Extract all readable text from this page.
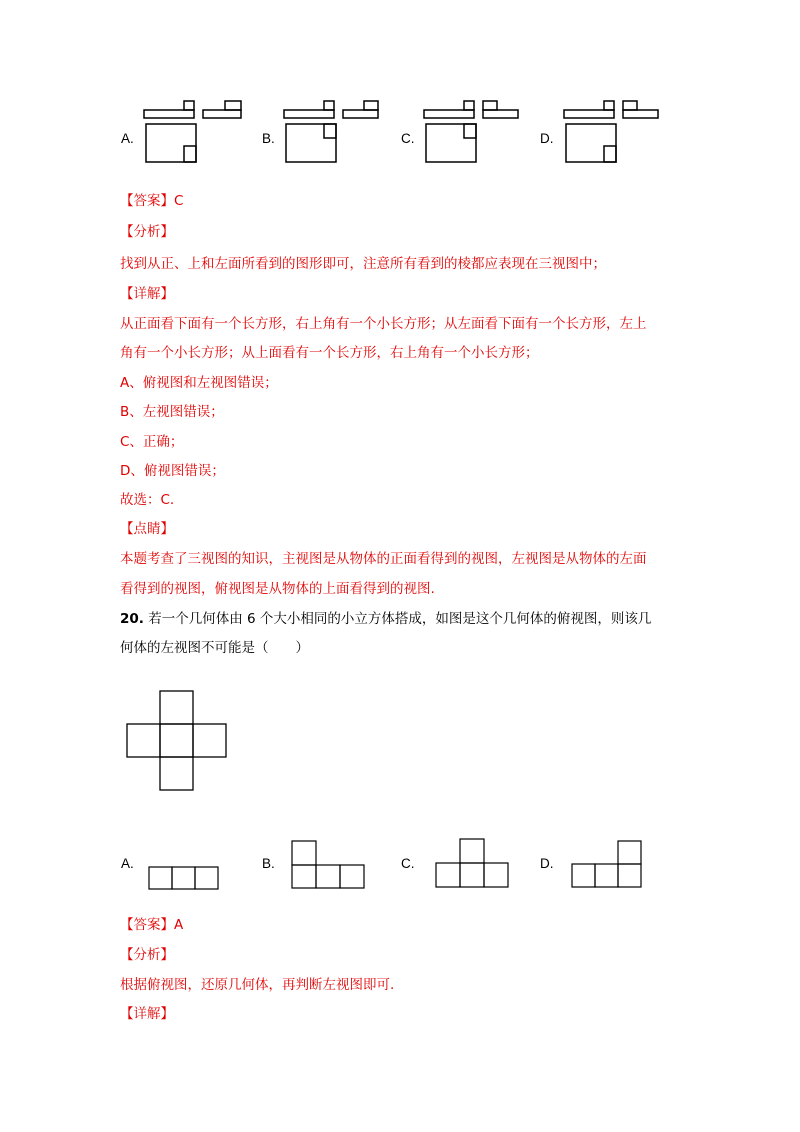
A.	B.	C.	D.
【答案】C
【分析】
找到从正、上和左面所看到的图形即可，注意所有看到的棱都应表现在三视图中；
【详解】
从正面看下面有一个长方形，右上角有一个小长方形；从左面看下面有一个长方形，左上
角有一个小长方形；从上面看有一个长方形，右上角有一个小长方形；
A、俯视图和左视图错误；
B、左视图错误；
C、正确；
D、俯视图错误；
故选：C.
【点睛】
本题考查了三视图的知识，主视图是从物体的正面看得到的视图，左视图是从物体的左面
看得到的视图，俯视图是从物体的上面看得到的视图.
20. 若一个几何体由 6 个大小相同的小立方体搭成，如图是这个几何体的俯视图，则该几
何体的左视图不可能是（　　）
A.	B.	C.	D.
【答案】A
【分析】
根据俯视图，还原几何体，再判断左视图即可.
【详解】
